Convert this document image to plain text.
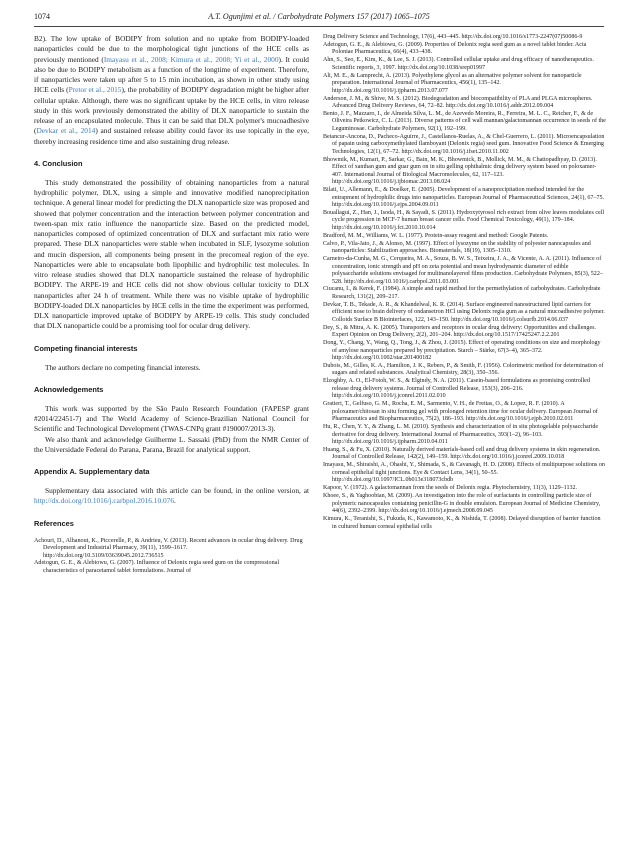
1074	A.T. Ogunjimi et al. / Carbohydrate Polymers 157 (2017) 1065–1075

B2). The low uptake of BODIPY from solution and no uptake from BODIPY-loaded nanoparticles could be due to the morphological tight junctions of the HCE cells as previously mentioned (Imayasu et al., 2008; Kimura et al., 2008; Yi et al., 2000). It could also be due to BODIPY metabolism as a function of the longtime of experiment. Therefore, if nanoparticles were taken up after 5 to 15 min incubation, as shown in other study using HCE cells (Pretor et al., 2015), the probability of BODIPY degradation might be higher after cellular uptake. Although, there was no significant uptake by the HCE cells, in vitro release study in this work previously demonstrated the ability of DLX nanoparticle to sustain the release of an encapsulated molecule. Thus it can be said that DLX polymer's mucoadhesive (Devkar et al., 2014) and sustained release ability could favor its use topically in the eye, thereby increasing residence time and also sustaining drug release.

4. Conclusion

This study demonstrated the possibility of obtaining nanoparticles from a natural hydrophilic polymer, DLX, using a simple and innovative modified nanoprecipitation technique. A general linear model for predicting the DLX nanoparticle size was proposed and showed that polymer concentration and the interaction between polymer concentration and tween-span mix ratio influence the nanoparticle size. Based on the predicted model, nanoparticles composed of optimized concentration of DLX and surfactant mix ratio were prepared. These DLX nanoparticles were stable when incubated in SLF, lysozyme solution and mucin dispersion, all components being present in the precorneal region of the eye. Nanoparticles were able to encapsulate both lipophilic and hydrophilic test molecules. In vitro release studies showed that DLX nanoparticle sustained the release of hydrophilic BODIPY. The ARPE-19 and HCE cells did not show obvious cellular toxicity to DLX nanoparticles after 24 h of treatment. While there was no visible uptake of hydrophilic BODIPY-loaded DLX nanoparticles by HCE cells in the time the experiment was performed, DLX nanoparticle improved uptake of BODIPY by ARPE-19 cells. This study concluded that DLX nanoparticle could be a promising tool for ocular drug delivery.

Competing financial interests

The authors declare no competing financial interests.

Acknowledgements

This work was supported by the São Paulo Research Foundation (FAPESP grant #2014/22451-7) and The World Academy of Science-Brazilian National Council for Scientific and Technological Development (TWAS-CNPq grant #190007/2013-3).

We also thank and acknowledge Guilherme L. Sassaki (PhD) from the NMR Center of the Universidade Federal do Parana, Parana, Brazil for analytical support.

Appendix A. Supplementary data

Supplementary data associated with this article can be found, in the online version, at http://dx.doi.org/10.1016/j.carbpol.2016.10.076.

References

Achouri, D., Alhanout, K., Piccerelle, P., & Andrieu, V. (2013). Recent advances in ocular drug delivery. Drug Development and Industrial Pharmacy, 39(11), 1599–1617. http://dx.doi.org/10.3109/03639045.2012.736515

Adetogun, G. E., & Alebiowu, G. (2007). Influence of Delonix regia seed gum on the compressional characteristics of paracetamol tablet formulations. Journal of

Drug Delivery Science and Technology, 17(6), 443–445. http://dx.doi.org/10.1016/s1773-2247(07)50086-9

Adetogun, G. E., & Alebiowu, G. (2009). Properties of Delonix regia seed gum as a novel tablet binder. Acta Poloniae Pharmaceutica, 66(4), 433–438.

Ahn, S., Seo, E., Kim, K., & Lee, S. J. (2013). Controlled cellular uptake and drug efficacy of nanotherapeutics. Scientific reports, 3, 1997. http://dx.doi.org/10.1038/srep01997

Ali, M. E., & Lamprecht, A. (2013). Polyethylene glycol as an alternative polymer solvent for nanoparticle preparation. International Journal of Pharmaceutics, 456(1), 135–142. http://dx.doi.org/10.1016/j.ijpharm.2013.07.077

Anderson, J. M., & Shive, M. S. (2012). Biodegradation and biocompatibility of PLA and PLGA microspheres. Advanced Drug Delivery Reviews, 64, 72–82. http://dx.doi.org/10.1016/j.addr.2012.09.004

Bento, J. F., Mazzaro, I., de Almeida Silva, L. M., de Azevedo Moreira, R., Ferreira, M. L. C., Reicher, F., & de Oliveira Petkowicz, C. L. (2013). Diverse patterns of cell wall mannan/galactomannan occurrence in seeds of the Leguminosae. Carbohydrate Polymers, 92(1), 192–199.

Betancur-Ancona, D., Pacheco-Aguirre, J., Castellanos-Ruelas, A., & Chel-Guerrero, L. (2011). Microencapsulation of papain using carboxymethylated flamboyant (Delonix regia) seed gum. Innovative Food Science & Emerging Technologies, 12(1), 67–72. http://dx.doi.org/10.1016/j.ifset.2010.11.002

Bhowmik, M., Kumari, P., Sarkar, G., Bain, M. K., Bhowmick, B., Mollick, M. M., & Chattopadhyay, D. (2013). Effect of xanthan gum and guar gum on in situ gelling ophthalmic drug delivery system based on poloxamer-407. International Journal of Biological Macromolecules, 62, 117–123. http://dx.doi.org/10.1016/j.ijbiomac.2013.08.024

Bilati, U., Allemann, E., & Doelker, E. (2005). Development of a nanoprecipitation method intended for the entrapment of hydrophilic drugs into nanoparticles. European Journal of Pharmaceutical Sciences, 24(1), 67–75. http://dx.doi.org/10.1016/j.ejps.2004.09.011

Bouallagui, Z., Han, J., Isoda, H., & Sayadi, S. (2011). Hydroxytyrosol rich extract from olive leaves modulates cell cycle progression in MCF-7 human breast cancer cells. Food Chemical Toxicology, 49(1), 179–184. http://dx.doi.org/10.1016/j.fct.2010.10.014

Bradford, M. M., Williams, W. L. (1977). Protein-assay reagent and method: Google Patents.

Calvo, P., Vila-Jato, J., & Alonso, M. (1997). Effect of lysozyme on the stability of polyester nanocapsules and nanoparticles: Stabilization approaches. Biomaterials, 18(19), 1305–1310.

Carneiro-da-Cunha, M. G., Cerqueira, M. A., Souza, B. W. S., Teixeira, J. A., & Vicente, A. A. (2011). Influence of concentration, ionic strength and pH on zeta potential and mean hydrodynamic diameter of edible polysaccharide solutions envisaged for multinanolayered films production. Carbohydrate Polymers, 85(3), 522–528. http://dx.doi.org/10.1016/j.carbpol.2011.03.001

Ciucanu, I., & Kerek, F. (1984). A simple and rapid method for the permethylation of carbohydrates. Carbohydrate Research, 131(2), 209–217.

Devkar, T. B., Tekade, A. R., & Khandelwal, K. R. (2014). Surface engineered nanostructured lipid carriers for efficient nose to brain delivery of ondansetron HCl using Delonix regia gum as a natural mucoadhesive polymer. Colloids Surface B Biointerfaces, 122, 143–150. http://dx.doi.org/10.1016/j.colsurfb.2014.06.037

Dey, S., & Mitra, A. K. (2005). Transporters and receptors in ocular drug delivery: Opportunities and challenges. Expert Opinion on Drug Delivery, 2(2), 201–204. http://dx.doi.org/10.1517/17425247.2.2.201

Dong, Y., Chang, Y., Wang, Q., Tong, J., & Zhou, J. (2015). Effect of operating conditions on size and morphology of amylose nanoparticles prepared by precipitation. Starch – Stärke, 67(3–4), 365–372. http://dx.doi.org/10.1002/star.201400182

Dubois, M., Gilles, K. A., Hamilton, J. K., Rebers, P., & Smith, F. (1956). Colorimetric method for determination of sugars and related substances. Analytical Chemistry, 28(3), 350–356.

Elzoghby, A. O., El-Fotoh, W. S., & Elgindy, N. A. (2011). Casein-based formulations as promising controlled release drug delivery systems. Journal of Controlled Release, 153(3), 206–216. http://dx.doi.org/10.1016/j.jconrel.2011.02.010

Gratieri, T., Gelfuso, G. M., Rocha, E. M., Sarmento, V. H., de Freitas, O., & Lopez, R. F. (2010). A poloxamer/chitosan in situ forming gel with prolonged retention time for ocular delivery. European Journal of Pharmaceutics and Biopharmaceutics, 75(2), 186–193. http://dx.doi.org/10.1016/j.ejpb.2010.02.011

Hu, R., Chen, Y. Y., & Zhang, L. M. (2010). Synthesis and characterization of in situ photogelable polysaccharide derivative for drug delivery. International Journal of Pharmaceutics, 393(1–2), 96–103. http://dx.doi.org/10.1016/j.ijpharm.2010.04.011

Huang, S., & Fu, X. (2010). Naturally derived materials-based cell and drug delivery systems in skin regeneration. Journal of Controlled Release, 142(2), 149–159. http://dx.doi.org/10.1016/j.jconrel.2009.10.018

Imayasu, M., Shiraishi, A., Ohashi, Y., Shimada, S., & Cavanagh, H. D. (2008). Effects of multipurpose solutions on corneal epithelial tight junctions. Eye & Contact Lens, 34(1), 50–55. http://dx.doi.org/10.1097/ICL.0b013e318073cbdb

Kapoor, V. (1972). A galactomannan from the seeds of Delonix regia. Phytochemistry, 11(3), 1129–1132.

Khoee, S., & Yaghoobian, M. (2009). An investigation into the role of surfactants in controlling particle size of polymeric nanocapsules containing penicillin-G in double emulsion. European Journal of Medicine Chemistry, 44(6), 2392–2399. http://dx.doi.org/10.1016/j.ejmech.2008.09.045

Kimura, K., Teranishi, S., Fukuda, K., Kawamoto, K., & Nishida, T. (2008). Delayed disruption of barrier function in cultured human corneal epithelial cells
